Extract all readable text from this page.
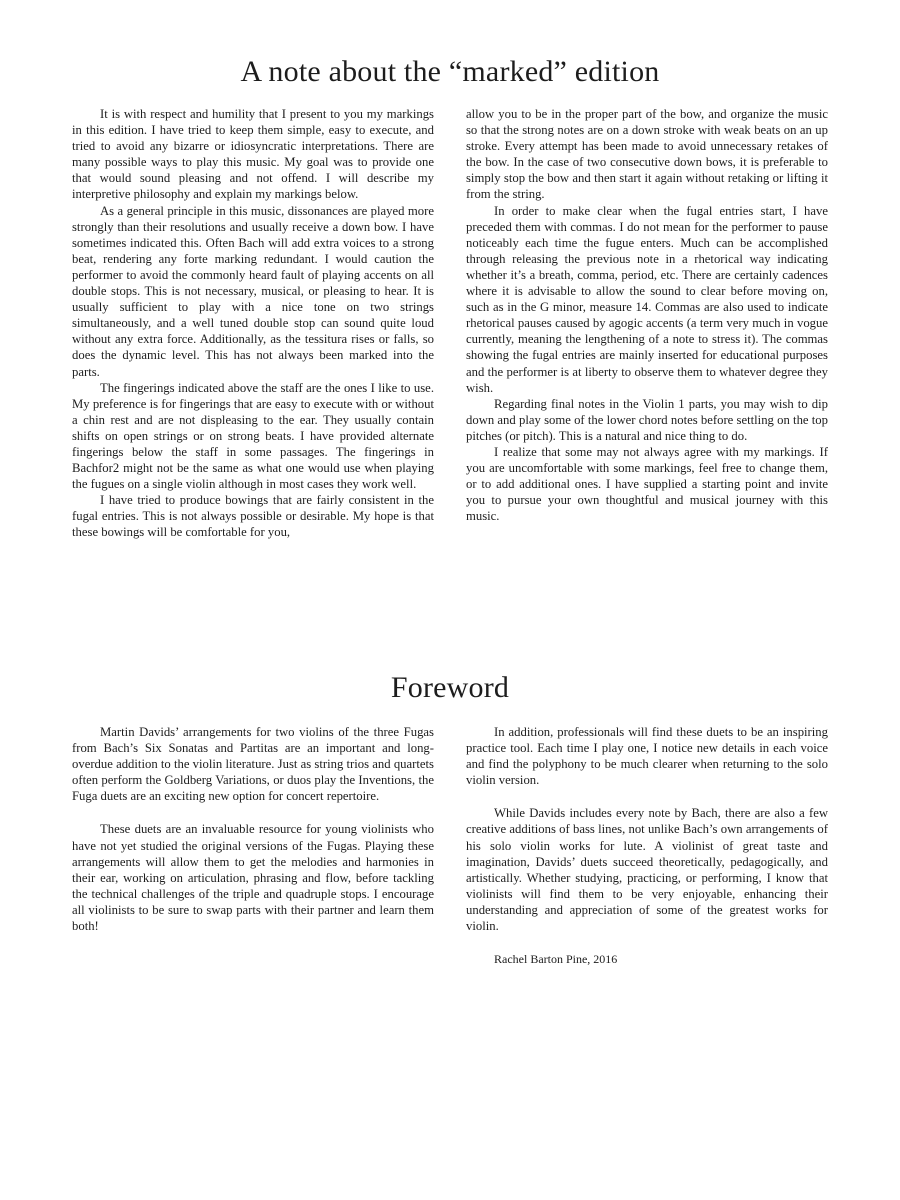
A note about the “marked” edition

It is with respect and humility that I present to you my markings in this edition. I have tried to keep them simple, easy to execute, and tried to avoid any bizarre or idiosyncratic interpretations. There are many possible ways to play this music. My goal was to provide one that would sound pleasing and not offend. I will describe my interpretive philosophy and explain my markings below.

As a general principle in this music, dissonances are played more strongly than their resolutions and usually receive a down bow. I have sometimes indicated this. Often Bach will add extra voices to a strong beat, rendering any forte marking redundant. I would caution the performer to avoid the commonly heard fault of playing accents on all double stops. This is not necessary, musical, or pleasing to hear. It is usually sufficient to play with a nice tone on two strings simultaneously, and a well tuned double stop can sound quite loud without any extra force. Additionally, as the tessitura rises or falls, so does the dynamic level. This has not always been marked into the parts.

The fingerings indicated above the staff are the ones I like to use. My preference is for fingerings that are easy to execute with or without a chin rest and are not displeasing to the ear. They usually contain shifts on open strings or on strong beats. I have provided alternate fingerings below the staff in some passages. The fingerings in Bachfor2 might not be the same as what one would use when playing the fugues on a single violin although in most cases they work well.

I have tried to produce bowings that are fairly consistent in the fugal entries. This is not always possible or desirable. My hope is that these bowings will be comfortable for you,

allow you to be in the proper part of the bow, and organize the music so that the strong notes are on a down stroke with weak beats on an up stroke. Every attempt has been made to avoid unnecessary retakes of the bow. In the case of two consecutive down bows, it is preferable to simply stop the bow and then start it again without retaking or lifting it from the string.

In order to make clear when the fugal entries start, I have preceded them with commas. I do not mean for the performer to pause noticeably each time the fugue enters. Much can be accomplished through releasing the previous note in a rhetorical way indicating whether it’s a breath, comma, period, etc. There are certainly cadences where it is advisable to allow the sound to clear before moving on, such as in the G minor, measure 14. Commas are also used to indicate rhetorical pauses caused by agogic accents (a term very much in vogue currently, meaning the lengthening of a note to stress it). The commas showing the fugal entries are mainly inserted for educational purposes and the performer is at liberty to observe them to whatever degree they wish.

Regarding final notes in the Violin 1 parts, you may wish to dip down and play some of the lower chord notes before settling on the top pitches (or pitch). This is a natural and nice thing to do.

I realize that some may not always agree with my markings. If you are uncomfortable with some markings, feel free to change them, or to add additional ones. I have supplied a starting point and invite you to pursue your own thoughtful and musical journey with this music.

Foreword

Martin Davids’ arrangements for two violins of the three Fugas from Bach’s Six Sonatas and Partitas are an important and long-overdue addition to the violin literature. Just as string trios and quartets often perform the Goldberg Variations, or duos play the Inventions, the Fuga duets are an exciting new option for concert repertoire.

These duets are an invaluable resource for young violinists who have not yet studied the original versions of the Fugas. Playing these arrangements will allow them to get the melodies and harmonies in their ear, working on articulation, phrasing and flow, before tackling the technical challenges of the triple and quadruple stops. I encourage all violinists to be sure to swap parts with their partner and learn them both!

In addition, professionals will find these duets to be an inspiring practice tool. Each time I play one, I notice new details in each voice and find the polyphony to be much clearer when returning to the solo violin version.

While Davids includes every note by Bach, there are also a few creative additions of bass lines, not unlike Bach’s own arrangements of his solo violin works for lute. A violinist of great taste and imagination, Davids’ duets succeed theoretically, pedagogically, and artistically. Whether studying, practicing, or performing, I know that violinists will find them to be very enjoyable, enhancing their understanding and appreciation of some of the greatest works for violin.

Rachel Barton Pine, 2016
